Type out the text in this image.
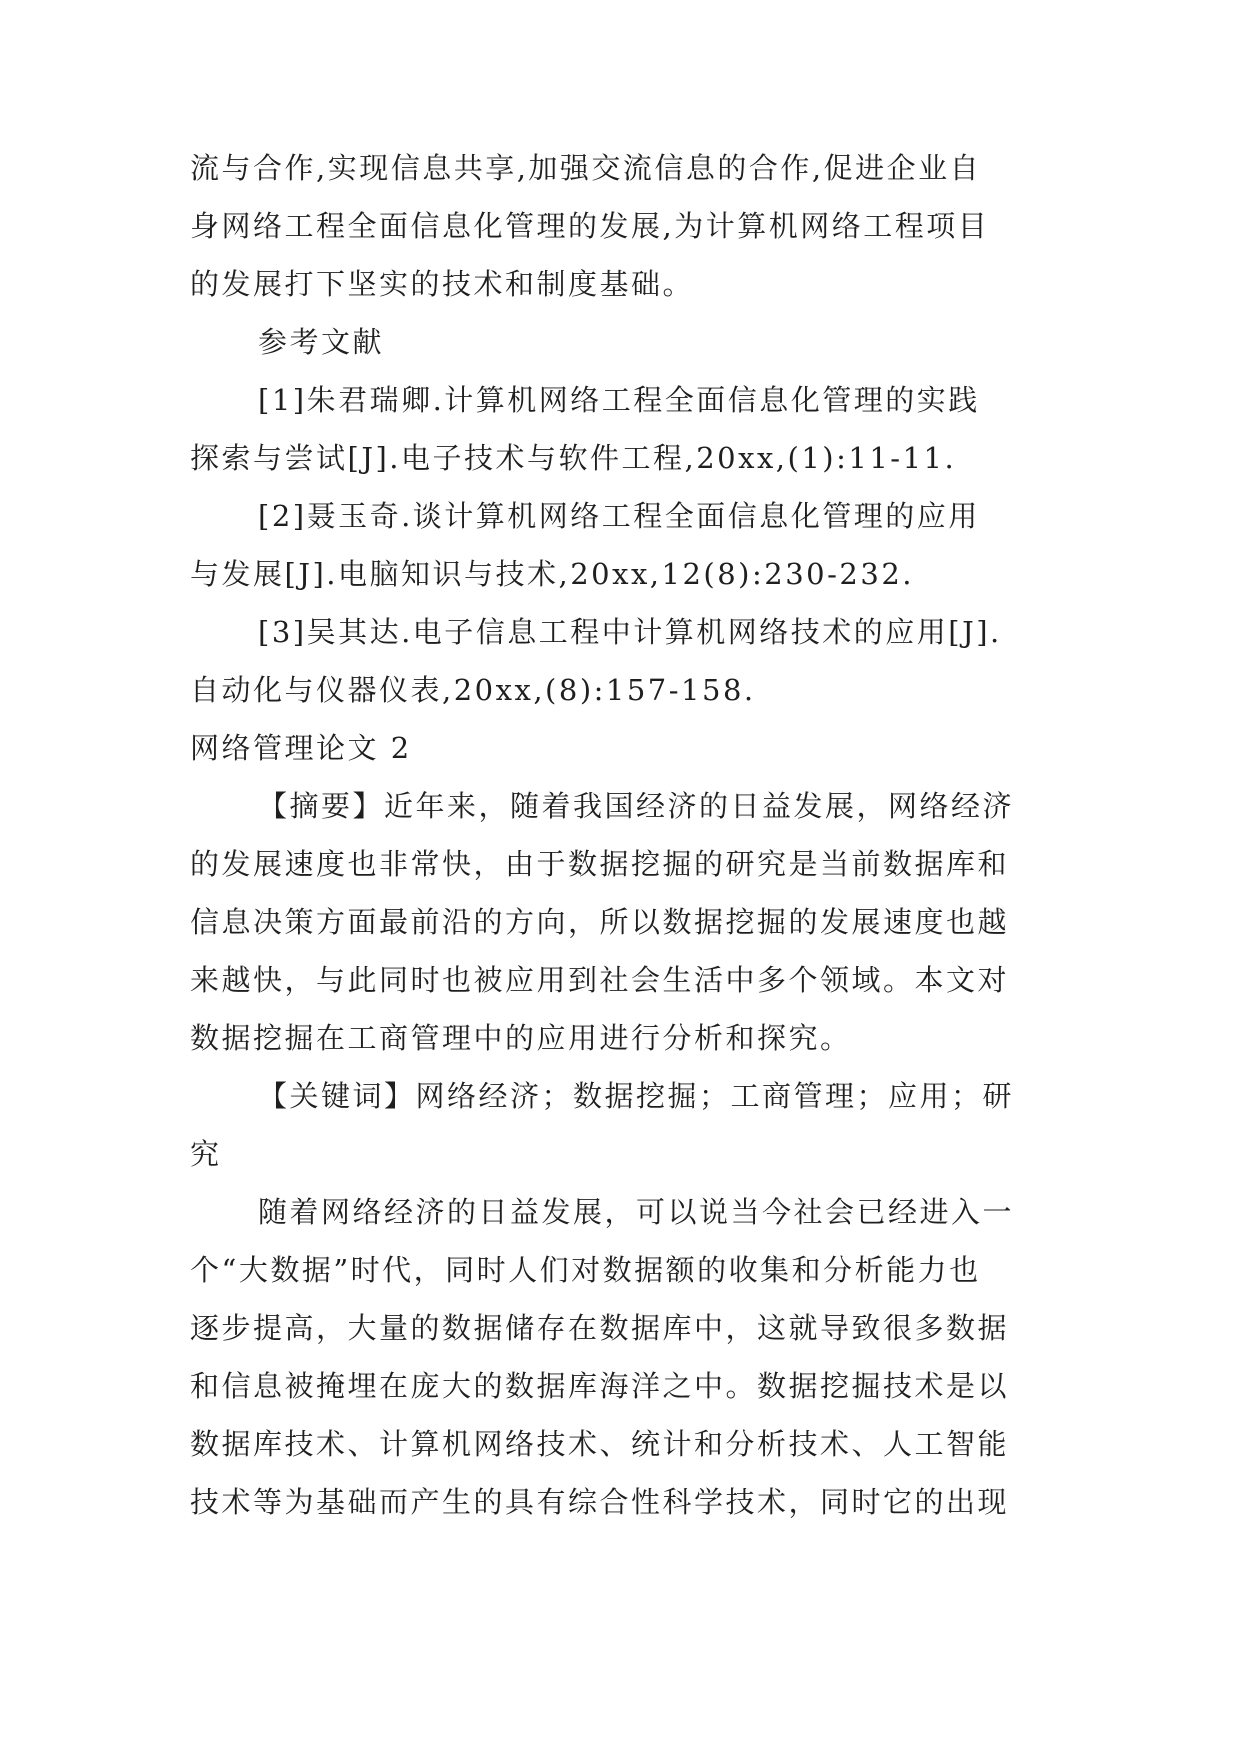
流与合作,实现信息共享,加强交流信息的合作,促进企业自
身网络工程全面信息化管理的发展,为计算机网络工程项目
的发展打下坚实的技术和制度基础。
参考文献
[1]朱君瑞卿.计算机网络工程全面信息化管理的实践
探索与尝试[J].电子技术与软件工程,20xx,(1):11-11.
[2]聂玉奇.谈计算机网络工程全面信息化管理的应用
与发展[J].电脑知识与技术,20xx,12(8):230-232.
[3]吴其达.电子信息工程中计算机网络技术的应用[J].
自动化与仪器仪表,20xx,(8):157-158.
网络管理论文 2
【摘要】近年来，随着我国经济的日益发展，网络经济
的发展速度也非常快，由于数据挖掘的研究是当前数据库和
信息决策方面最前沿的方向，所以数据挖掘的发展速度也越
来越快，与此同时也被应用到社会生活中多个领域。本文对
数据挖掘在工商管理中的应用进行分析和探究。
【关键词】网络经济；数据挖掘；工商管理；应用；研
究
随着网络经济的日益发展，可以说当今社会已经进入一
个“大数据”时代，同时人们对数据额的收集和分析能力也
逐步提高，大量的数据储存在数据库中，这就导致很多数据
和信息被掩埋在庞大的数据库海洋之中。数据挖掘技术是以
数据库技术、计算机网络技术、统计和分析技术、人工智能
技术等为基础而产生的具有综合性科学技术，同时它的出现
